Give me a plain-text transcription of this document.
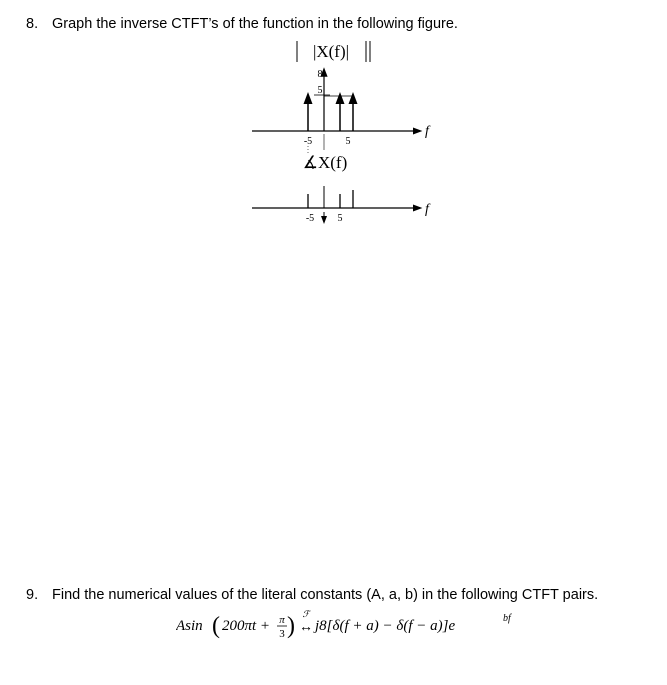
8. Graph the inverse CTFT’s of the function in the following figure.
|X(f)|
8
5
f
-5	5
∡X(f)
f
-5 5
9. Find the numerical values of the literal constants (A, a, b) in the following CTFT pairs.
Asin ( 200πt + π
3 ) ℱ
↔ j8[δ(f + a) − δ(f − a)]e	bf
